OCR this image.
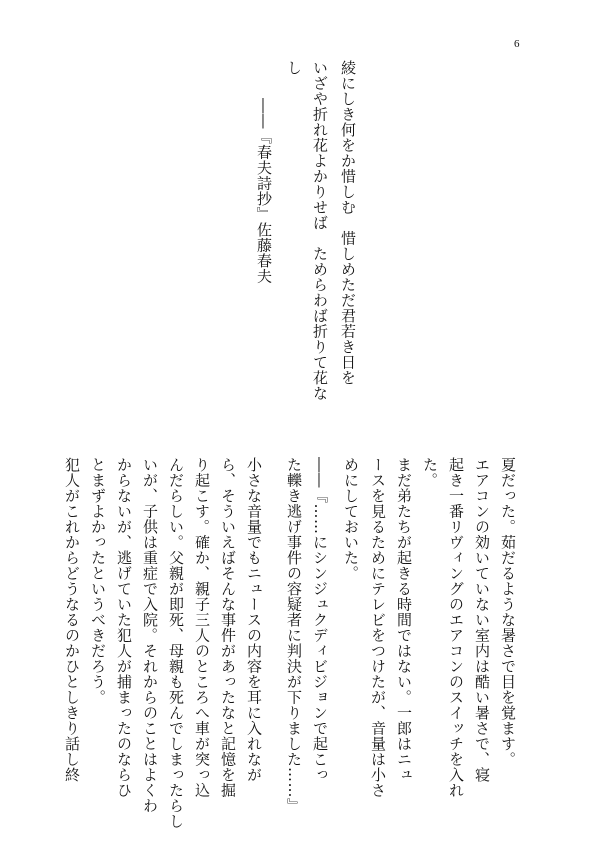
6
綾にしき何をか惜しむ　惜しめただ君若き日を
いざや折れ花よかりせば　ためらわば折りて花な
し
――『春夫詩抄』佐藤春夫
夏だった。茹だるような暑さで目を覚ます。
エアコンの効いていない室内は酷い暑さで、寝
起き一番リヴィングのエアコンのスイッチを入れ
た。
まだ弟たちが起きる時間ではない。一郎はニュ
ースを見るためにテレビをつけたが、音量は小さ
めにしておいた。
――『……にシンジュクディビジョンで起こっ
た轢き逃げ事件の容疑者に判決が下りました……』
小さな音量でもニュースの内容を耳に入れなが
ら、そういえばそんな事件があったなと記憶を掘
り起こす。確か、親子三人のところへ車が突っ込
んだらしい。父親が即死、母親も死んでしまったらし
いが、子供は重症で入院。それからのことはよくわ
からないが、逃げていた犯人が捕まったのならひ
とまずよかったというべきだろう。
犯人がこれからどうなるのかひとしきり話し終
